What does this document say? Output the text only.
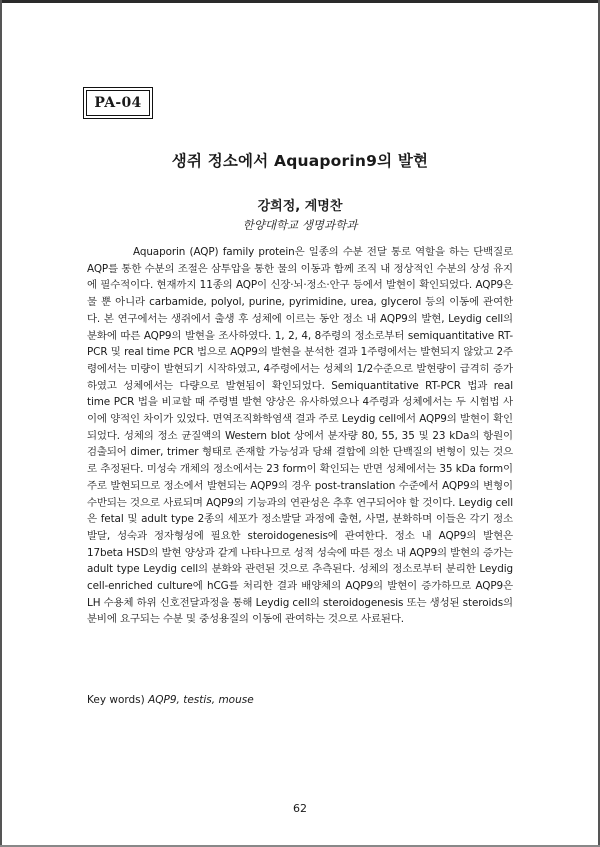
PA-04
생쥐 정소에서 Aquaporin9의 발현
강희정, 계명찬
한양대학교 생명과학과
Aquaporin (AQP) family protein은 일종의 수분 전달 통로 역할을 하는 단백질로 AQP를 통한 수분의 조절은 삼투압을 통한 물의 이동과 함께 조직 내 정상적인 수분의 상성 유지에 필수적이다. 현재까지 11종의 AQP이 신장·뇌·정소·안구 등에서 발현이 확인되었다. AQP9은 물 뿐 아니라 carbamide, polyol, purine, pyrimidine, urea, glycerol 등의 이동에 관여한다. 본 연구에서는 생쥐에서 출생 후 성체에 이르는 동안 정소 내 AQP9의 발현, Leydig cell의 분화에 따른 AQP9의 발현을 조사하였다. 1, 2, 4, 8주령의 정소로부터 semiquantitative RT-PCR 및 real time PCR 법으로 AQP9의 발현을 분석한 결과 1주령에서는 발현되지 않았고 2주령에서는 미량이 발현되기 시작하였고, 4주령에서는 성체의 1/2수준으로 발현량이 급격히 증가하였고 성체에서는 다량으로 발현됨이 확인되었다. Semiquantitative RT-PCR 법과 real time PCR 법을 비교할 때 주령별 발현 양상은 유사하였으나 4주령과 성체에서는 두 시험법 사이에 양적인 차이가 있었다. 면역조직화학염색 결과 주로 Leydig cell에서 AQP9의 발현이 확인되었다. 성체의 정소 균질액의 Western blot 상에서 분자량 80, 55, 35 및 23 kDa의 항원이 검출되어 dimer, trimer 형태로 존재할 가능성과 당쇄 결합에 의한 단백질의 변형이 있는 것으로 추정된다. 미성숙 개체의 정소에서는 23 form이 확인되는 반면 성체에서는 35 kDa form이 주로 발현되므로 정소에서 발현되는 AQP9의 경우 post-translation 수준에서 AQP9의 변형이 수반되는 것으로 사료되며 AQP9의 기능과의 연관성은 추후 연구되어야 할 것이다. Leydig cell은 fetal 및 adult type 2종의 세포가 정소발달 과정에 출현, 사멸, 분화하며 이들은 각기 정소발달, 성숙과 정자형성에 필요한 steroidogenesis에 관여한다. 정소 내 AQP9의 발현은 17beta HSD의 발현 양상과 같게 나타나므로 성적 성숙에 따른 정소 내 AQP9의 발현의 증가는 adult type Leydig cell의 분화와 관련된 것으로 추측된다. 성체의 정소로부터 분리한 Leydig cell-enriched culture에 hCG를 처리한 결과 배양체의 AQP9의 발현이 증가하므로 AQP9은 LH 수용체 하위 신호전달과정을 통해 Leydig cell의 steroidogenesis 또는 생성된 steroids의 분비에 요구되는 수분 및 중성용질의 이동에 관여하는 것으로 사료된다.
Key words) AQP9, testis, mouse
62
